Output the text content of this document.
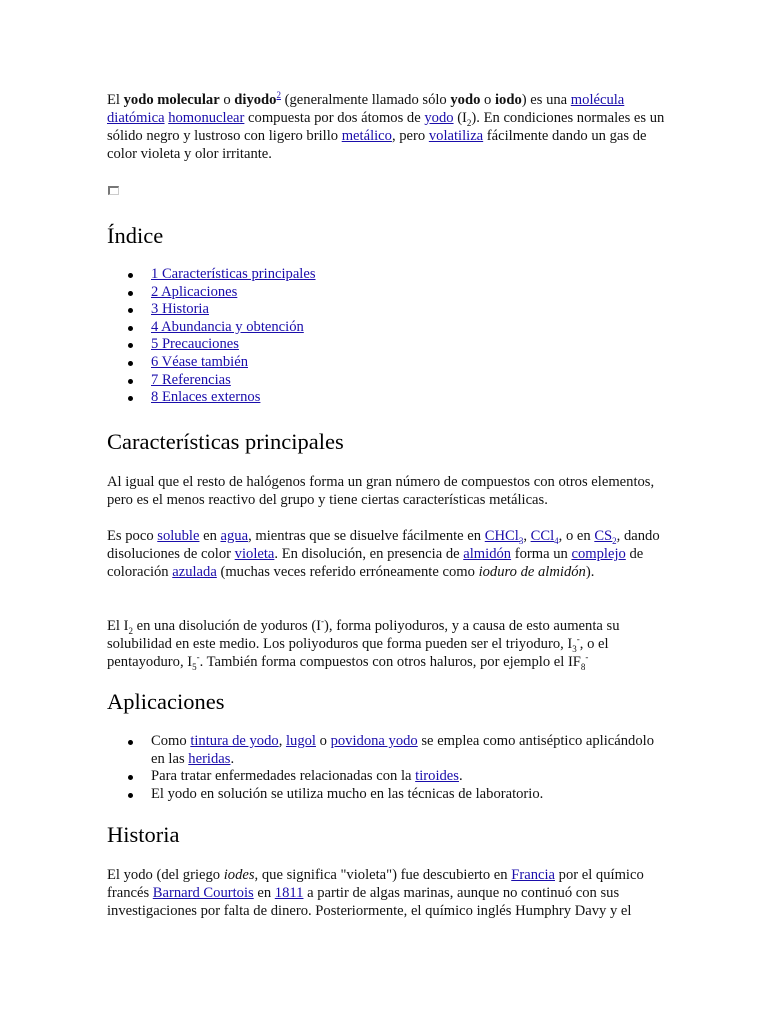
El yodo molecular o diyodo$^2$ (generalmente llamado sólo yodo o iodo) es una molécula diatómica homonuclear compuesta por dos átomos de yodo $(I_2)$. En condiciones normales es un sólido negro y lustroso con ligero brillo metálico, pero volatiliza fácilmente dando un gas de color violeta y olor irritante.

Índice
1 Características principales
2 Aplicaciones
3 Historia
4 Abundancia y obtención
5 Precauciones
6 Véase también
7 Referencias
8 Enlaces externos
Características principales

Al igual que el resto de halógenos forma un gran número de compuestos con otros elementos, pero es el menos reactivo del grupo y tiene ciertas características metálicas.

Es poco soluble en agua, mientras que se disuelve fácilmente en CHCl$_3$, CCl$_4$, o en $CS_2$, dando disoluciones de color violeta. En disolución, en presencia de almidón forma un complejo de coloración azulada (muchas veces referido erróneamente como ioduro de almidón).

El $I_2$ en una disolución de yoduros (I-), forma poliyoduros, y a causa de esto aumenta su solubilidad en este medio. Los poliyoduros que forma pueden ser el triyoduro, $I_3^-$, o el pentayoduro, $I_5^-$. También forma compuestos con otros haluros, por ejemplo el $IF_8^-$

Aplicaciones
Como tintura de yodo, lugol o povidona yodo se emplea como antiséptico aplicándolo en las heridas.
Para tratar enfermedades relacionadas con la tiroides.
El yodo en solución se utiliza mucho en las técnicas de laboratorio.
Historia

El yodo (del griego iodes, que significa "violeta") fue descubierto en Francia por el químico francés Barnard Courtois en 1811 a partir de algas marinas, aunque no continuó con sus investigaciones por falta de dinero. Posteriormente, el químico inglés Humphry Davy y el
